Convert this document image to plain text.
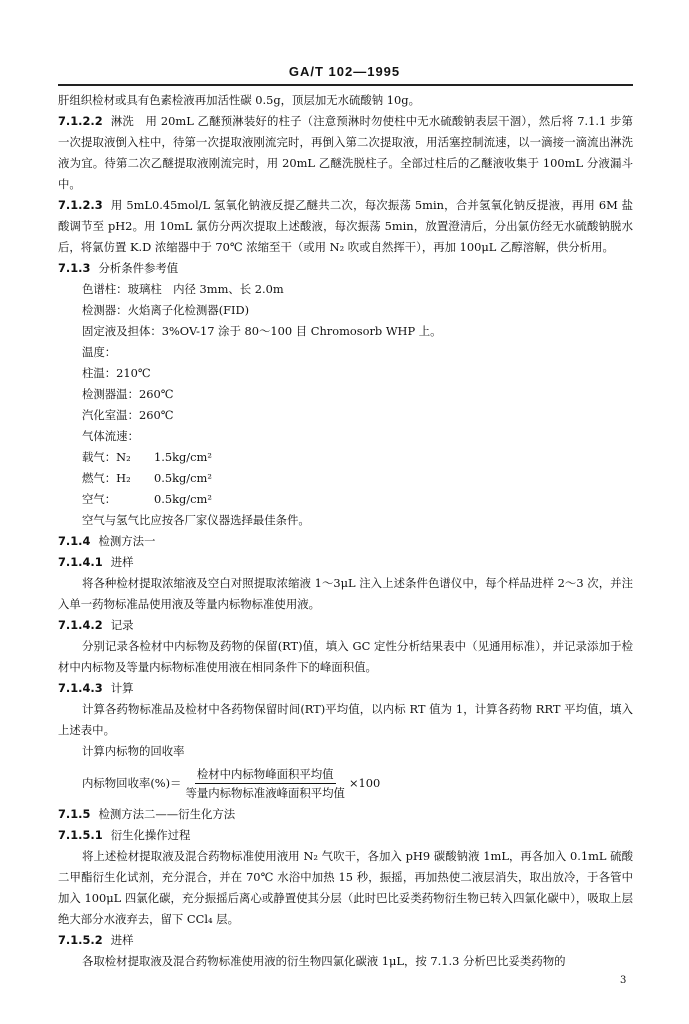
GA/T 102—1995
肝组织检材或具有色素检液再加活性碳 0.5g，顶层加无水硫酸钠 10g。
7.1.2.2 淋洗　用 20mL 乙醚预淋装好的柱子（注意预淋时勿使柱中无水硫酸钠表层干涸），然后将 7.1.1 步第一次提取液倒入柱中，待第一次提取液刚流完时，再倒入第二次提取液，用活塞控制流速，以一滴接一滴流出淋洗液为宜。待第二次乙醚提取液刚流完时，用 20mL 乙醚洗脱柱子。全部过柱后的乙醚液收集于 100mL 分液漏斗中。
7.1.2.3 用 5mL0.45mol/L 氢氧化钠液反提乙醚共二次，每次振荡 5min，合并氢氧化钠反提液，再用 6M 盐酸调节至 pH2。用 10mL 氯仿分两次提取上述酸液，每次振荡 5min，放置澄清后，分出氯仿经无水硫酸钠脱水后，将氯仿置 K.D 浓缩器中于 70℃ 浓缩至干（或用 N₂ 吹或自然挥干），再加 100μL 乙醇溶解，供分析用。
7.1.3 分析条件参考值
色谱柱：玻璃柱　内径 3mm、长 2.0m
检测器：火焰离子化检测器(FID)
固定液及担体：3%OV-17 涂于 80～100 目 Chromosorb WHP 上。
温度：
柱温：210℃
检测器温：260℃
汽化室温：260℃
气体流速：
载气：N₂ 1.5kg/cm²
燃气：H₂ 0.5kg/cm²
空气：	0.5kg/cm²
空气与氢气比应按各厂家仪器选择最佳条件。
7.1.4 检测方法一
7.1.4.1 进样
将各种检材提取浓缩液及空白对照提取浓缩液 1～3μL 注入上述条件色谱仪中，每个样品进样 2～3 次，并注入单一药物标准品使用液及等量内标物标准使用液。
7.1.4.2 记录
分别记录各检材中内标物及药物的保留(RT)值，填入 GC 定性分析结果表中（见通用标准），并记录添加于检材中内标物及等量内标物标准使用液在相同条件下的峰面积值。
7.1.4.3 计算
计算各药物标准品及检材中各药物保留时间(RT)平均值，以内标 RT 值为 1，计算各药物 RRT 平均值，填入上述表中。
计算内标物的回收率
内标物回收率(%)＝ $\frac{\text{检材中内标物峰面积平均值}}{\text{等量内标物标准液峰面积平均值}} \times 100$
7.1.5 检测方法二——衍生化方法
7.1.5.1 衍生化操作过程
将上述检材提取液及混合药物标准使用液用 N₂ 气吹干，各加入 pH9 碳酸钠液 1mL，再各加入 0.1mL 硫酸二甲酯衍生化试剂，充分混合，并在 70℃ 水浴中加热 15 秒，振摇，再加热使二液层消失，取出放冷，于各管中加入 100μL 四氯化碳，充分振摇后离心或静置使其分层（此时巴比妥类药物衍生物已转入四氯化碳中），吸取上层绝大部分水液弃去，留下 CCl₄ 层。
7.1.5.2 进样
各取检材提取液及混合药物标准使用液的衍生物四氯化碳液 1μL，按 7.1.3 分析巴比妥类药物的
3
